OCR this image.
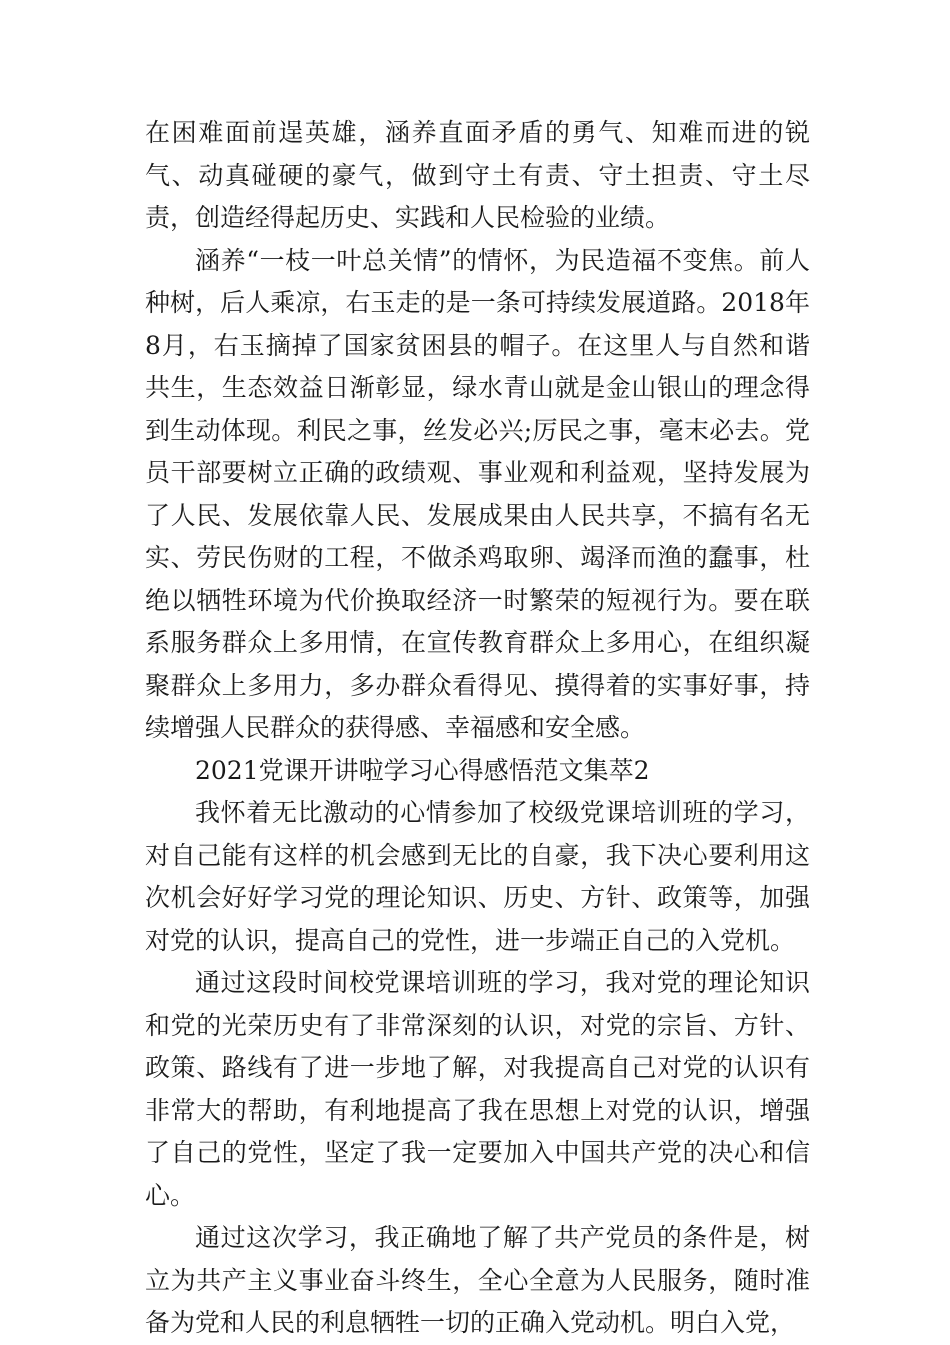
在困难面前逞英雄，涵养直面矛盾的勇气、知难而进的锐气、动真碰硬的豪气，做到守土有责、守土担责、守土尽责，创造经得起历史、实践和人民检验的业绩。

涵养“一枝一叶总关情”的情怀，为民造福不变焦。前人种树，后人乘凉，右玉走的是一条可持续发展道路。2018年8月，右玉摘掉了国家贫困县的帽子。在这里人与自然和谐共生，生态效益日渐彰显，绿水青山就是金山银山的理念得到生动体现。利民之事，丝发必兴;厉民之事，毫末必去。党员干部要树立正确的政绩观、事业观和利益观，坚持发展为了人民、发展依靠人民、发展成果由人民共享，不搞有名无实、劳民伤财的工程，不做杀鸡取卵、竭泽而渔的蠢事，杜绝以牺牲环境为代价换取经济一时繁荣的短视行为。要在联系服务群众上多用情，在宣传教育群众上多用心，在组织凝聚群众上多用力，多办群众看得见、摸得着的实事好事，持续增强人民群众的获得感、幸福感和安全感。

2021党课开讲啦学习心得感悟范文集萃2

我怀着无比激动的心情参加了校级党课培训班的学习，对自己能有这样的机会感到无比的自豪，我下决心要利用这次机会好好学习党的理论知识、历史、方针、政策等，加强对党的认识，提高自己的党性，进一步端正自己的入党机。

通过这段时间校党课培训班的学习，我对党的理论知识和党的光荣历史有了非常深刻的认识，对党的宗旨、方针、政策、路线有了进一步地了解，对我提高自己对党的认识有非常大的帮助，有利地提高了我在思想上对党的认识，增强了自己的党性，坚定了我一定要加入中国共产党的决心和信心。

通过这次学习，我正确地了解了共产党员的条件是，树立为共产主义事业奋斗终生，全心全意为人民服务，随时准备为党和人民的利息牺牲一切的正确入党动机。明白入党，
